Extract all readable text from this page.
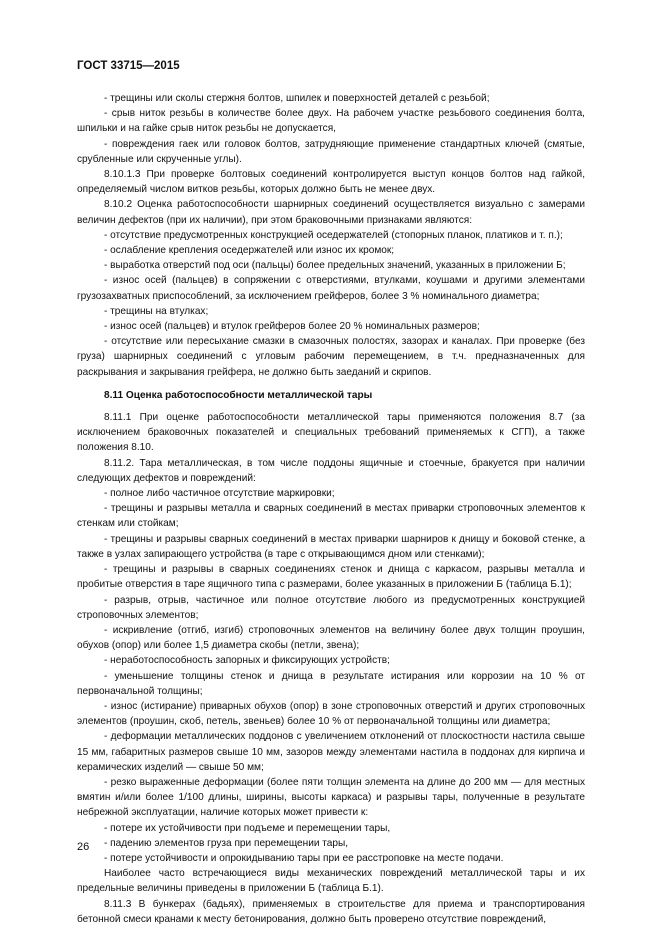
ГОСТ 33715—2015

- трещины или сколы стержня болтов, шпилек и поверхностей деталей с резьбой;

- срыв ниток резьбы в количестве более двух. На рабочем участке резьбового соединения болта, шпильки и на гайке срыв ниток резьбы не допускается,

- повреждения гаек или головок болтов, затрудняющие применение стандартных ключей (смятые, срубленные или скрученные углы).

8.10.1.3 При проверке болтовых соединений контролируется выступ концов болтов над гайкой, определяемый числом витков резьбы, которых должно быть не менее двух.

8.10.2 Оценка работоспособности шарнирных соединений осуществляется визуально с замерами величин дефектов (при их наличии), при этом браковочными признаками являются:

- отсутствие предусмотренных конструкцией оседержателей (стопорных планок, платиков и т. п.);

- ослабление крепления оседержателей или износ их кромок;

- выработка отверстий под оси (пальцы) более предельных значений, указанных в приложении Б;

- износ осей (пальцев) в сопряжении с отверстиями, втулками, коушами и другими элементами грузозахватных приспособлений, за исключением грейферов, более 3 % номинального диаметра;

- трещины на втулках;

- износ осей (пальцев) и втулок грейферов более 20 % номинальных размеров;

- отсутствие или пересыхание смазки в смазочных полостях, зазорах и каналах. При проверке (без груза) шарнирных соединений с угловым рабочим перемещением, в т.ч. предназначенных для раскрывания и закрывания грейфера, не должно быть заеданий и скрипов.

8.11 Оценка работоспособности металлической тары

8.11.1 При оценке работоспособности металлической тары применяются положения 8.7 (за исключением браковочных показателей и специальных требований применяемых к СГП), а также положения 8.10.

8.11.2. Тара металлическая, в том числе поддоны ящичные и стоечные, бракуется при наличии следующих дефектов и повреждений:

- полное либо частичное отсутствие маркировки;

- трещины и разрывы металла и сварных соединений в местах приварки строповочных элементов к стенкам или стойкам;

- трещины и разрывы сварных соединений в местах приварки шарниров к днищу и боковой стенке, а также в узлах запирающего устройства (в таре с открывающимся дном или стенками);

- трещины и разрывы в сварных соединениях стенок и днища с каркасом, разрывы металла и пробитые отверстия в таре ящичного типа с размерами, более указанных в приложении Б (таблица Б.1);

- разрыв, отрыв, частичное или полное отсутствие любого из предусмотренных конструкцией строповочных элементов;

- искривление (отгиб, изгиб) строповочных элементов на величину более двух толщин проушин, обухов (опор) или более 1,5 диаметра скобы (петли, звена);

- неработоспособность запорных и фиксирующих устройств;

- уменьшение толщины стенок и днища в результате истирания или коррозии на 10 % от первоначальной толщины;

- износ (истирание) приварных обухов (опор) в зоне строповочных отверстий и других строповочных элементов (проушин, скоб, петель, звеньев) более 10 % от первоначальной толщины или диаметра;

- деформации металлических поддонов с увеличением отклонений от плоскостности настила свыше 15 мм, габаритных размеров свыше 10 мм, зазоров между элементами настила в поддонах для кирпича и керамических изделий — свыше 50 мм;

- резко выраженные деформации (более пяти толщин элемента на длине до 200 мм — для местных вмятин и/или более 1/100 длины, ширины, высоты каркаса) и разрывы тары, полученные в результате небрежной эксплуатации, наличие которых может привести к:

- потере их устойчивости при подъеме и перемещении тары,

- падению элементов груза при перемещении тары,

- потере устойчивости и опрокидыванию тары при ее расстроповке на месте подачи.

Наиболее часто встречающиеся виды механических повреждений металлической тары и их предельные величины приведены в приложении Б (таблица Б.1).

8.11.3 В бункерах (бадьях), применяемых в строительстве для приема и транспортирования бетонной смеси кранами к месту бетонирования, должно быть проверено отсутствие повреждений,

26
